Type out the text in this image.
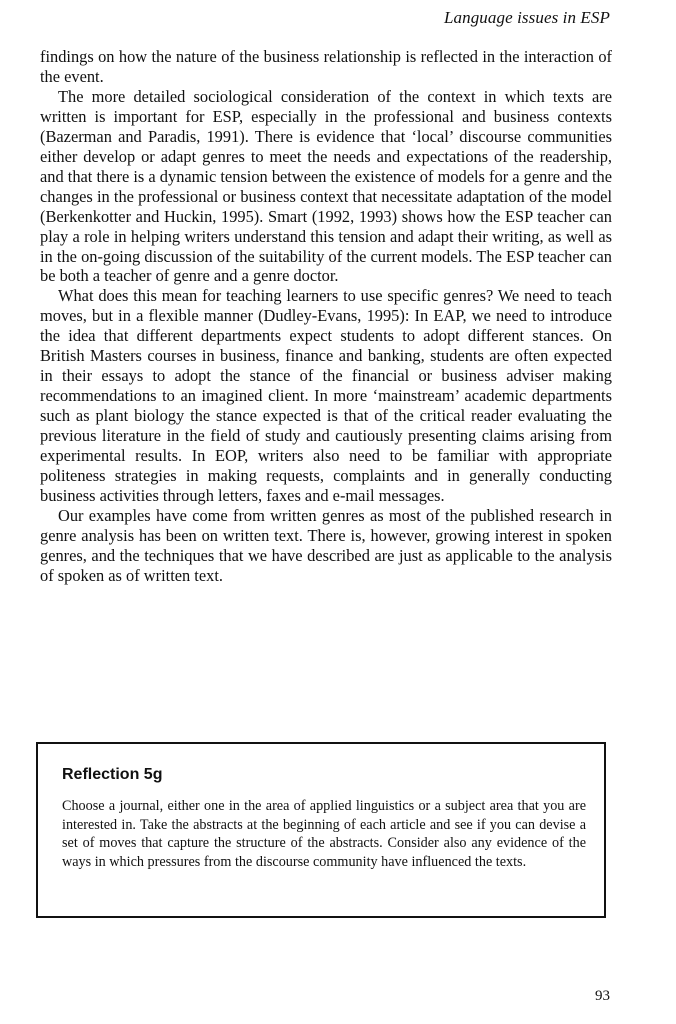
Language issues in ESP

findings on how the nature of the business relationship is reflected in the interaction of the event.

The more detailed sociological consideration of the context in which texts are written is important for ESP, especially in the professional and business contexts (Bazerman and Paradis, 1991). There is evidence that ‘local’ discourse communities either develop or adapt genres to meet the needs and expectations of the readership, and that there is a dynamic tension between the existence of models for a genre and the changes in the professional or business context that necessitate adaptation of the model (Berkenkotter and Huckin, 1995). Smart (1992, 1993) shows how the ESP teacher can play a role in helping writers understand this tension and adapt their writing, as well as in the on-going discussion of the suitability of the current models. The ESP teacher can be both a teacher of genre and a genre doctor.

What does this mean for teaching learners to use specific genres? We need to teach moves, but in a flexible manner (Dudley-Evans, 1995): In EAP, we need to introduce the idea that different departments expect students to adopt different stances. On British Masters courses in business, finance and banking, students are often expected in their essays to adopt the stance of the financial or business adviser making recommendations to an imagined client. In more ‘mainstream’ academic departments such as plant biology the stance expected is that of the critical reader evaluating the previous literature in the field of study and cautiously presenting claims arising from experimental results. In EOP, writers also need to be familiar with appropriate politeness strategies in making requests, complaints and in generally conducting business activities through letters, faxes and e-mail messages.

Our examples have come from written genres as most of the published research in genre analysis has been on written text. There is, however, growing interest in spoken genres, and the techniques that we have described are just as applicable to the analysis of spoken as of written text.

Reflection 5g
Choose a journal, either one in the area of applied linguistics or a subject area that you are interested in. Take the abstracts at the beginning of each article and see if you can devise a set of moves that capture the structure of the abstracts. Consider also any evidence of the ways in which pressures from the discourse community have influenced the texts.
93
